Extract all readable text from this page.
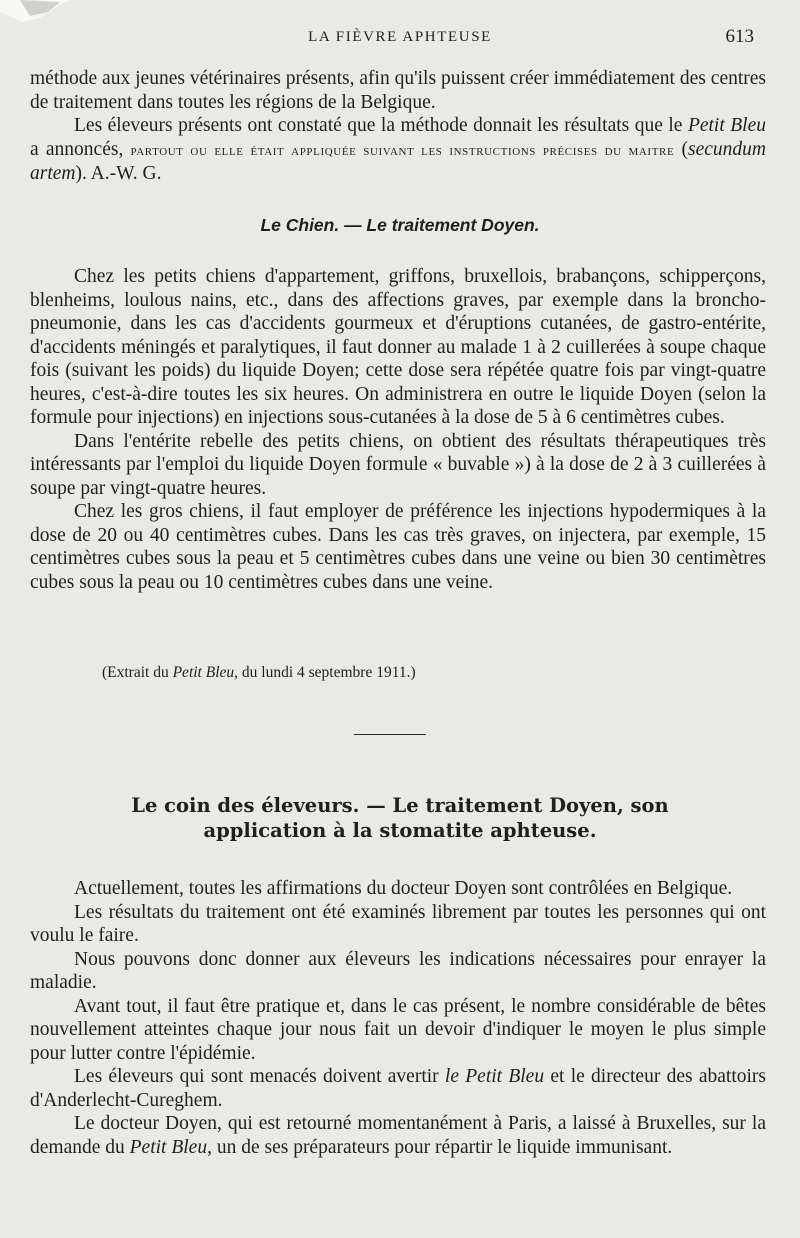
LA FIÈVRE APHTEUSE	613

méthode aux jeunes vétérinaires présents, afin qu'ils puissent créer immédiatement des centres de traitement dans toutes les régions de la Belgique.

Les éleveurs présents ont constaté que la méthode donnait les résultats que le Petit Bleu a annoncés, partout ou elle était appliquée suivant les instructions précises du maitre (secundum artem). A.-W. G.

Le Chien. — Le traitement Doyen.

Chez les petits chiens d'appartement, griffons, bruxellois, brabançons, schipperçons, blenheims, loulous nains, etc., dans des affections graves, par exemple dans la broncho-pneumonie, dans les cas d'accidents gourmeux et d'éruptions cutanées, de gastro-entérite, d'accidents méningés et paralytiques, il faut donner au malade 1 à 2 cuillerées à soupe chaque fois (suivant les poids) du liquide Doyen; cette dose sera répétée quatre fois par vingt-quatre heures, c'est-à-dire toutes les six heures. On administrera en outre le liquide Doyen (selon la formule pour injections) en injections sous-cutanées à la dose de 5 à 6 centimètres cubes.

Dans l'entérite rebelle des petits chiens, on obtient des résultats thérapeutiques très intéressants par l'emploi du liquide Doyen formule « buvable ») à la dose de 2 à 3 cuillerées à soupe par vingt-quatre heures.

Chez les gros chiens, il faut employer de préférence les injections hypodermiques à la dose de 20 ou 40 centimètres cubes. Dans les cas très graves, on injectera, par exemple, 15 centimètres cubes sous la peau et 5 centimètres cubes dans une veine ou bien 30 centimètres cubes sous la peau ou 10 centimètres cubes dans une veine.

(Extrait du Petit Bleu, du lundi 4 septembre 1911.)
Le coin des éleveurs. — Le traitement Doyen, son
application à la stomatite aphteuse.

Actuellement, toutes les affirmations du docteur Doyen sont contrôlées en Belgique.

Les résultats du traitement ont été examinés librement par toutes les personnes qui ont voulu le faire.

Nous pouvons donc donner aux éleveurs les indications nécessaires pour enrayer la maladie.

Avant tout, il faut être pratique et, dans le cas présent, le nombre considérable de bêtes nouvellement atteintes chaque jour nous fait un devoir d'indiquer le moyen le plus simple pour lutter contre l'épidémie.

Les éleveurs qui sont menacés doivent avertir le Petit Bleu et le directeur des abattoirs d'Anderlecht-Cureghem.

Le docteur Doyen, qui est retourné momentanément à Paris, a laissé à Bruxelles, sur la demande du Petit Bleu, un de ses préparateurs pour répartir le liquide immunisant.
